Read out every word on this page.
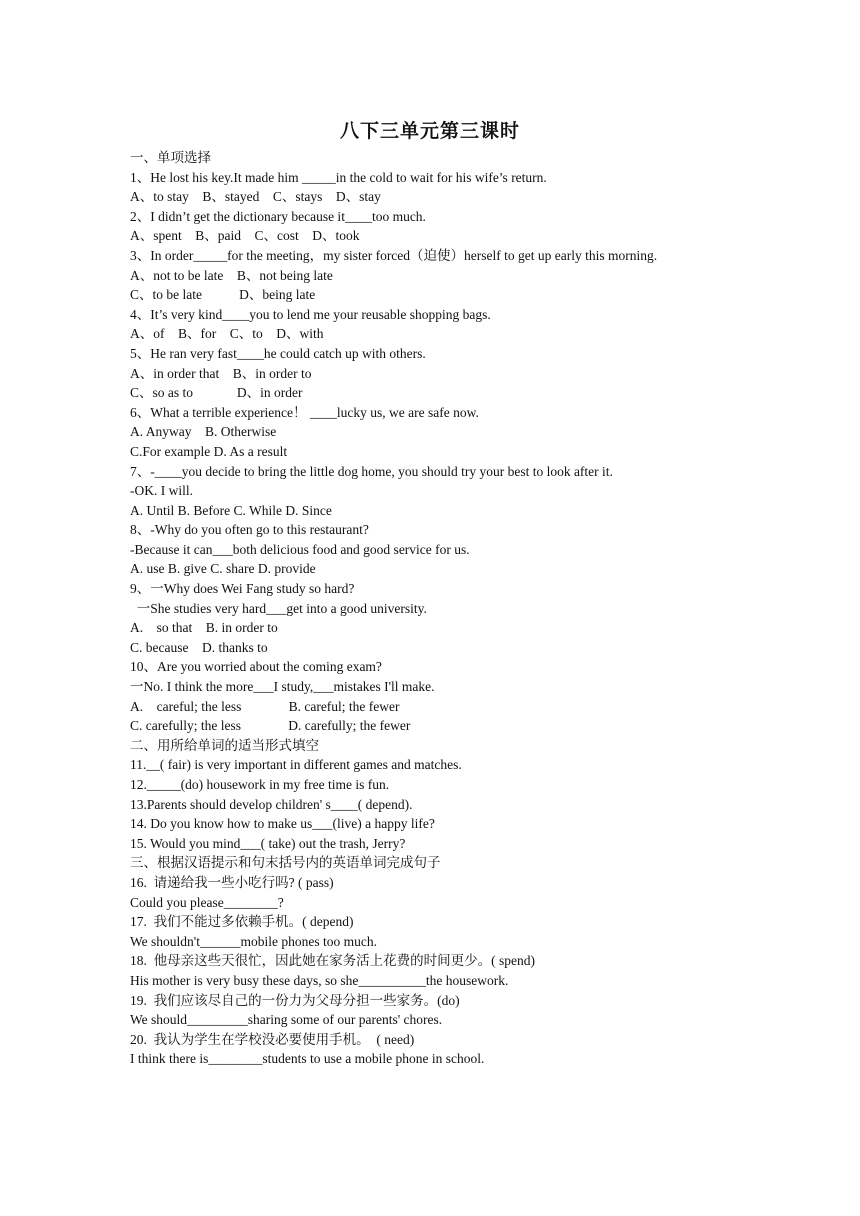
八下三单元第三课时
一、单项选择
1、He lost his key.It made him _____in the cold to wait for his wife’s return.
A、to stay    B、stayed    C、stays    D、stay
2、I didn’t get the dictionary because it____too much.
A、spent    B、paid    C、cost    D、took
3、In order_____for the meeting，my sister forced（迫使）herself to get up early this morning.
A、not to be late    B、not being late
C、to be late           D、being late
4、It’s very kind____you to lend me your reusable shopping bags.
A、of    B、for    C、to    D、with
5、He ran very fast____he could catch up with others.
A、in order that    B、in order to
C、so as to             D、in order
6、What a terrible experience！ ____lucky us, we are safe now.
A. Anyway    B. Otherwise
C.For example D. As a result
7、-____you decide to bring the little dog home, you should try your best to look after it.
-OK. I will.
A. Until B. Before C. While D. Since
8、-Why do you often go to this restaurant?
-Because it can___both delicious food and good service for us.
A. use B. give C. share D. provide
9、一Why does Wei Fang study so hard?
一She studies very hard___get into a good university.
A.    so that    B. in order to
C. because    D. thanks to
10、Are you worried about the coming exam?
一No. I think the more___I study,___mistakes I'll make.
A.    careful; the less              B. careful; the fewer
C. carefully; the less              D. carefully; the fewer
二、用所给单词的适当形式填空
11.__( fair) is very important in different games and matches.
12._____(do) housework in my free time is fun.
13.Parents should develop children' s____( depend).
14. Do you know how to make us___(live) a happy life?
15. Would you mind___( take) out the trash, Jerry?
三、根据汉语提示和句末括号内的英语单词完成句子
16.  请递给我一些小吃行吗? ( pass)
Could you please________?
17.  我们不能过多依赖手机。( depend)
We shouldn't______mobile phones too much.
18.  他母亲这些天很忙，因此她在家务活上花费的时间更少。( spend)
His mother is very busy these days, so she__________the housework.
19.  我们应该尽自己的一份力为父母分担一些家务。(do)
We should_________sharing some of our parents' chores.
20.  我认为学生在学校没必要使用手机。  ( need)
I think there is________students to use a mobile phone in school.
